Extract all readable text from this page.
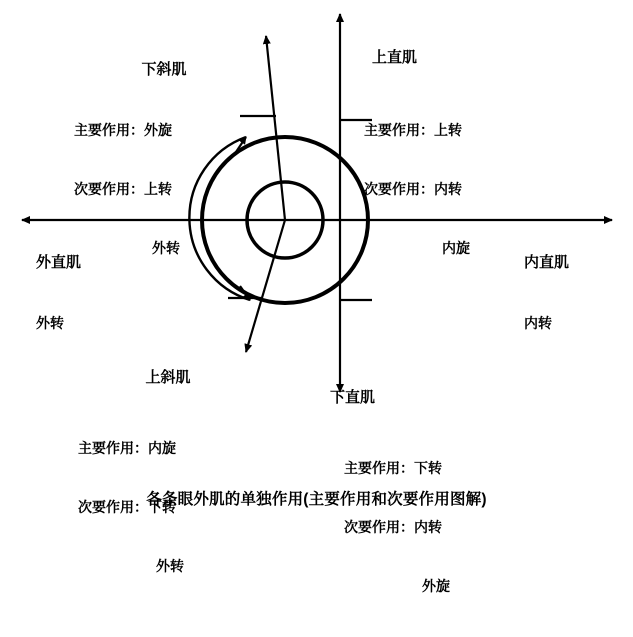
下斜肌

主要作用：外旋

次要作用：上转

外转

上直肌

主要作用：上转

次要作用：内转

内旋

外直肌

外转

内直肌

内转

上斜肌

主要作用：内旋

次要作用：下转

外转

下直肌

主要作用：下转

次要作用：内转

外旋

各条眼外肌的单独作用(主要作用和次要作用图解)
